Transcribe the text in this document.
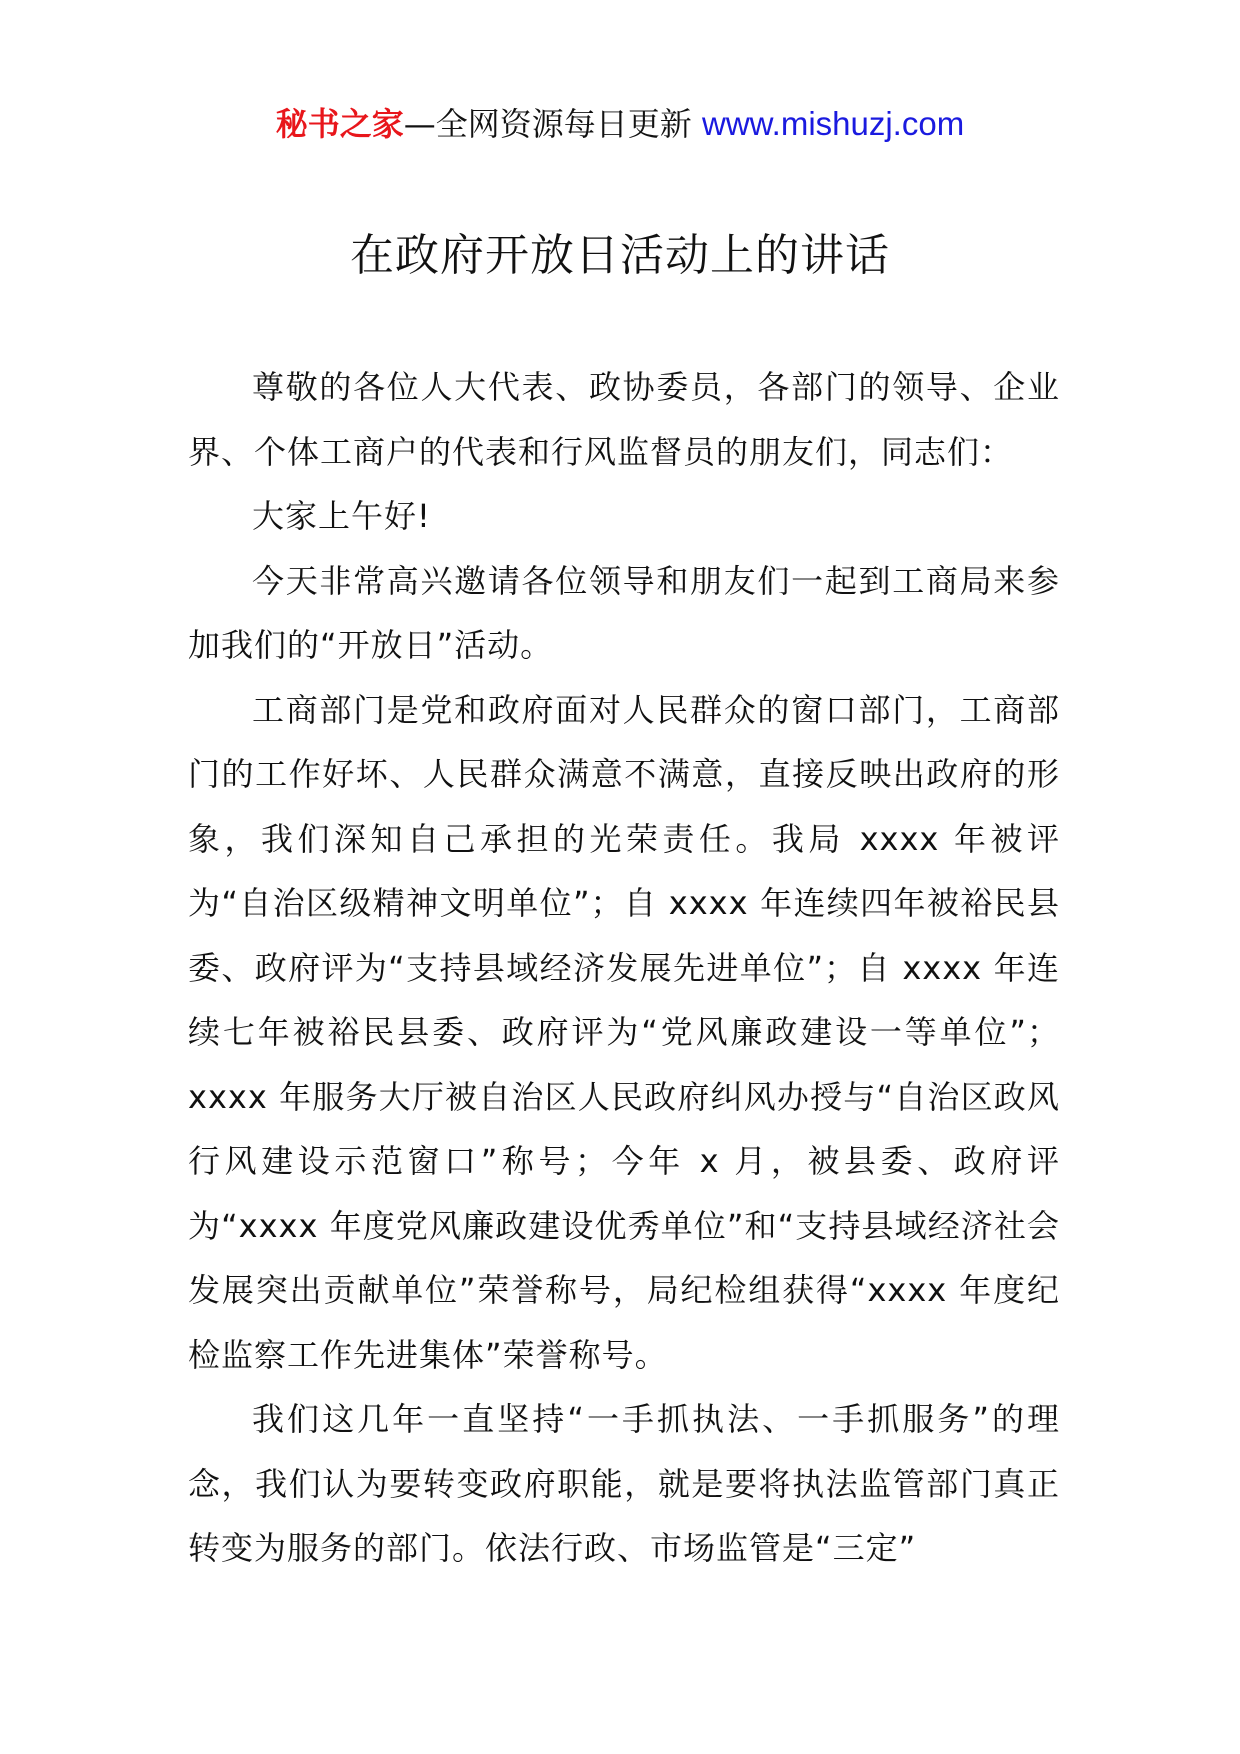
秘书之家—全网资源每日更新 www.mishuzj.com
在政府开放日活动上的讲话

尊敬的各位人大代表、政协委员，各部门的领导、企业界、个体工商户的代表和行风监督员的朋友们，同志们：

大家上午好!

今天非常高兴邀请各位领导和朋友们一起到工商局来参加我们的“开放日”活动。

工商部门是党和政府面对人民群众的窗口部门，工商部门的工作好坏、人民群众满意不满意，直接反映出政府的形象，我们深知自己承担的光荣责任。我局 xxxx 年被评为“自治区级精神文明单位”；自 xxxx 年连续四年被裕民县委、政府评为“支持县域经济发展先进单位”；自 xxxx 年连续七年被裕民县委、政府评为“党风廉政建设一等单位”；xxxx 年服务大厅被自治区人民政府纠风办授与“自治区政风行风建设示范窗口”称号；今年 x 月，被县委、政府评为“xxxx 年度党风廉政建设优秀单位”和“支持县域经济社会发展突出贡献单位”荣誉称号，局纪检组获得“xxxx 年度纪检监察工作先进集体”荣誉称号。

我们这几年一直坚持“一手抓执法、一手抓服务”的理念，我们认为要转变政府职能，就是要将执法监管部门真正转变为服务的部门。依法行政、市场监管是“三定”
